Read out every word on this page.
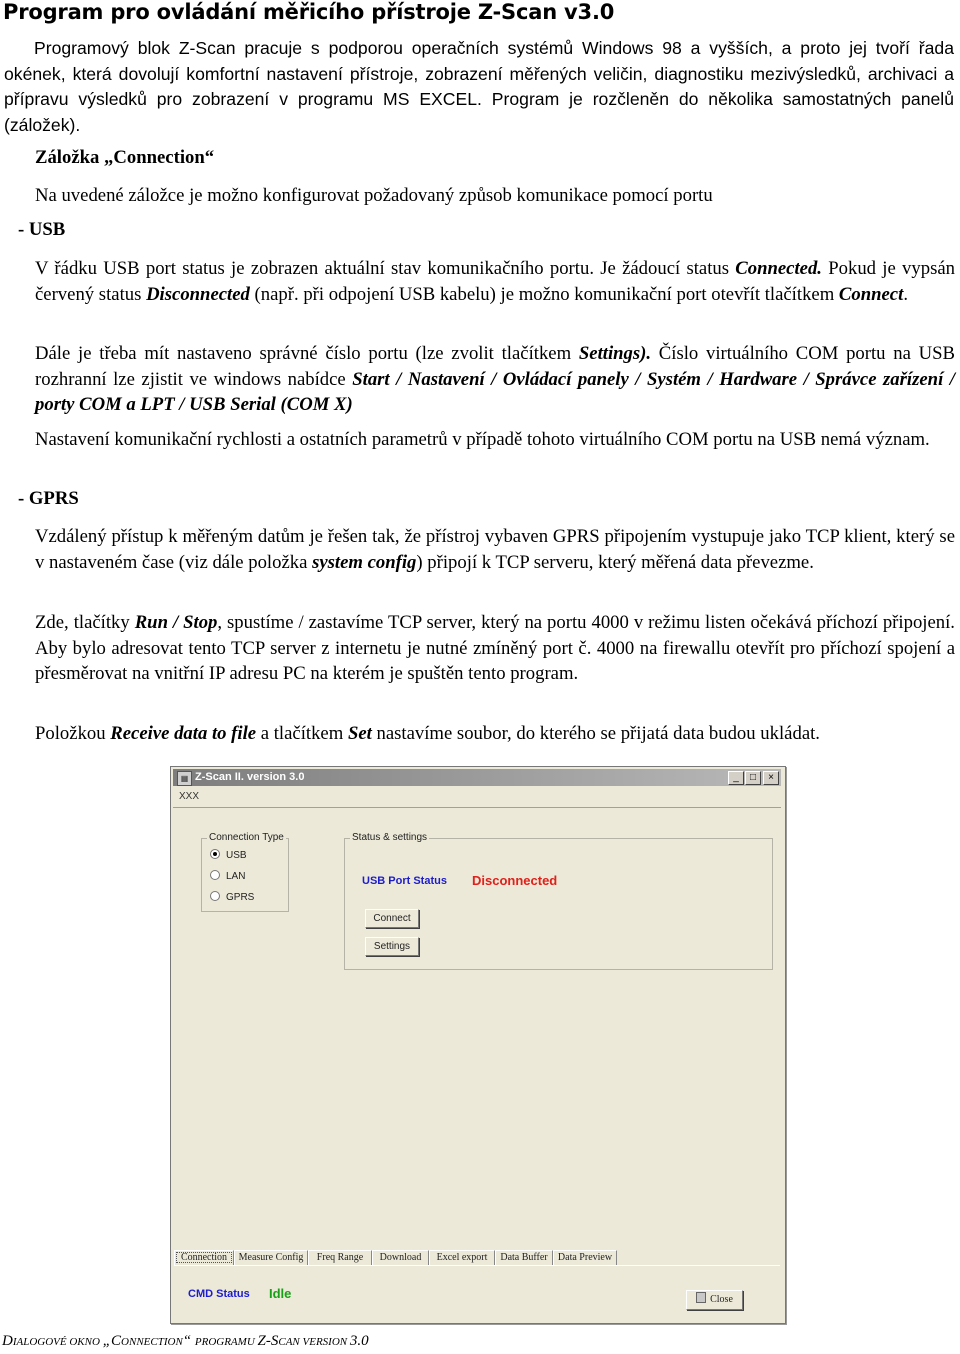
Program pro ovládání měřicího přístroje Z-Scan v3.0
Programový blok Z-Scan pracuje s podporou operačních systémů Windows 98 a vyšších, a proto jej tvoří řada okének, která dovolují komfortní nastavení přístroje, zobrazení měřených veličin, diagnostiku mezivýsledků, archivaci a přípravu výsledků pro zobrazení v programu MS EXCEL. Program je rozčleněn do několika samostatných panelů (záložek).
Záložka „Connection“
Na uvedené záložce je možno konfigurovat požadovaný způsob komunikace pomocí portu
- USB
V řádku USB port status je zobrazen aktuální stav komunikačního portu. Je žádoucí status Connected. Pokud je vypsán červený status Disconnected (např. při odpojení USB kabelu) je možno komunikační port otevřít tlačítkem Connect.
Dále je třeba mít nastaveno správné číslo portu (lze zvolit tlačítkem Settings). Číslo virtuálního COM portu na USB rozhranní lze zjistit ve windows nabídce Start / Nastavení / Ovládací panely / Systém / Hardware / Správce zařízení / porty COM a LPT / USB Serial (COM X)
Nastavení komunikační rychlosti a ostatních parametrů v případě tohoto virtuálního COM portu na USB nemá význam.
- GPRS
Vzdálený přístup k měřeným datům je řešen tak, že přístroj vybaven GPRS připojením vystupuje jako TCP klient, který se v nastaveném čase (viz dále položka system config) připojí k TCP serveru, který měřená data převezme.
Zde, tlačítky Run / Stop, spustíme / zastavíme TCP server, který na portu 4000 v režimu listen očekává příchozí připojení. Aby bylo adresovat tento TCP server z internetu je nutné zmíněný port č. 4000 na firewallu otevřít pro příchozí spojení a přesměrovat na vnitřní IP adresu PC na kterém je spuštěn tento program.
Položkou Receive data to file a tlačítkem Set nastavíme soubor, do kterého se přijatá data budou ukládat.
▦ Z-Scan II. version 3.0	_	□	×
XXX
Connection Type
USB
LAN
GPRS
Status & settings
USB Port Status Disconnected
Connect
Settings
Connection	Measure Config	Freq Range	Download	Excel export	Data Buffer	Data Preview
CMD Status Idle	Close
DIALOGOVÉ OKNO „CONNECTION“ PROGRAMU Z-SCAN VERSION 3.0
